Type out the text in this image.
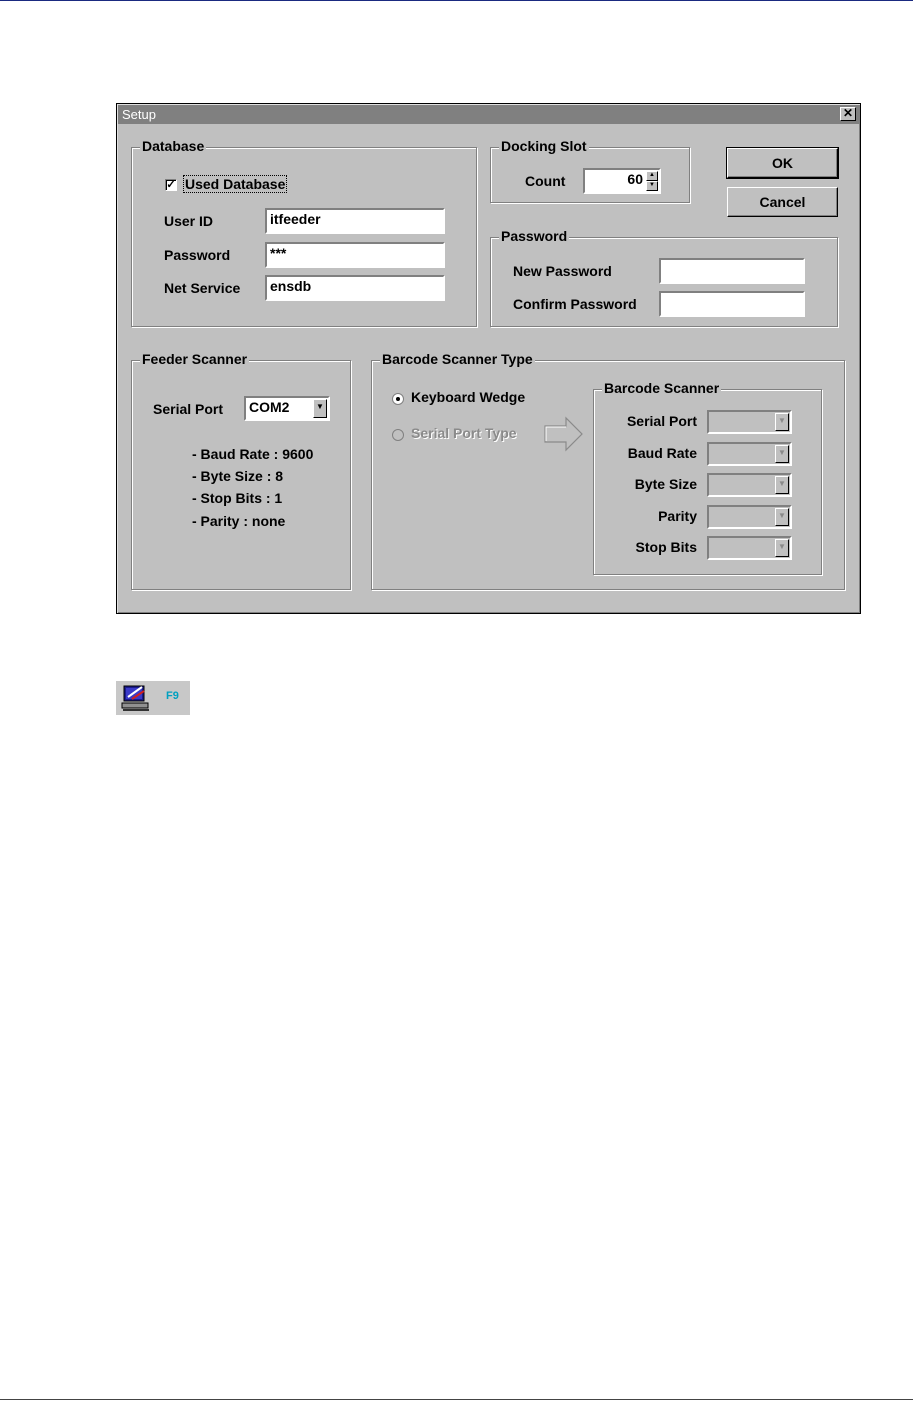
Setup	✕
Database
✓ Used Database
User ID	itfeeder
Password	***
Net Service	ensdb
Docking Slot
Count	60	▲
▼
OK
Cancel
Password
New Password
Confirm Password
Feeder Scanner
Serial Port	COM2	▼
- Baud Rate : 9600
- Byte Size : 8
- Stop Bits : 1
- Parity : none
Barcode Scanner Type
Keyboard Wedge
Serial Port Type
Barcode Scanner
Serial Port	▼
Baud Rate	▼
Byte Size	▼
Parity	▼
Stop Bits	▼
F9
